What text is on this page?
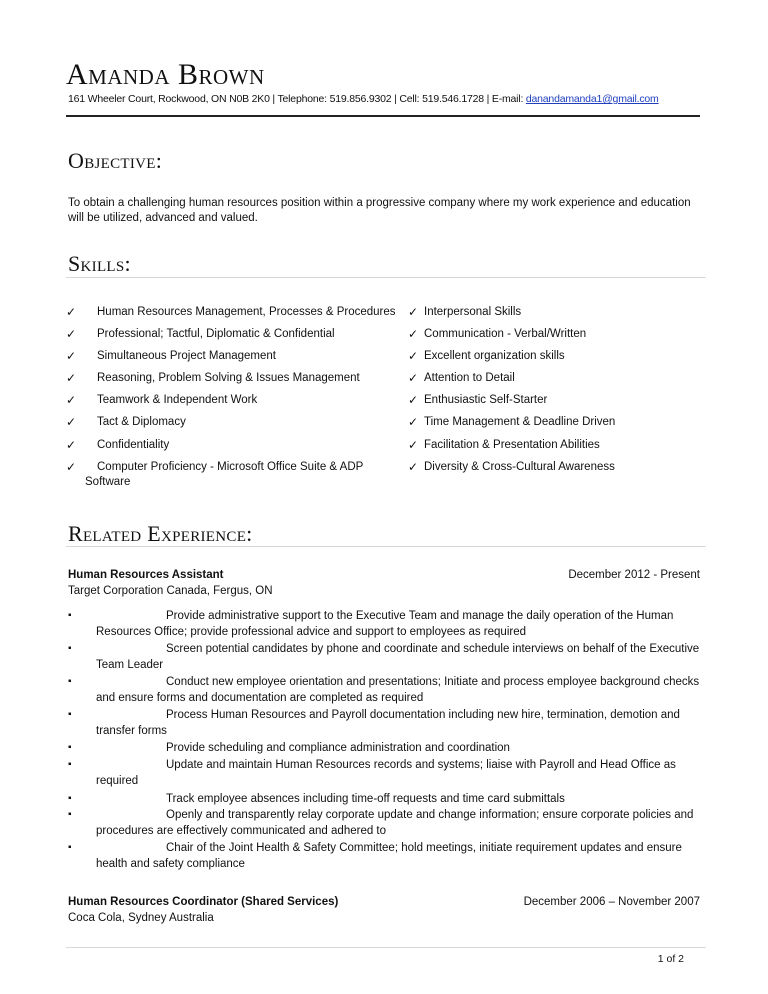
Amanda Brown
161 Wheeler Court, Rockwood, ON N0B 2K0 | Telephone: 519.856.9302 | Cell: 519.546.1728 | E-mail: danandamanda1@gmail.com
Objective:
To obtain a challenging human resources position within a progressive company where my work experience and education will be utilized, advanced and valued.
Skills:
✓ Human Resources Management, Processes & Procedures
✓ Professional; Tactful, Diplomatic & Confidential
✓ Simultaneous Project Management
✓ Reasoning, Problem Solving & Issues Management
✓ Teamwork & Independent Work
✓ Tact & Diplomacy
✓ Confidentiality
✓ Computer Proficiency - Microsoft Office Suite & ADP
Software
✓ Interpersonal Skills
✓ Communication - Verbal/Written
✓ Excellent organization skills
✓ Attention to Detail
✓ Enthusiastic Self-Starter
✓ Time Management & Deadline Driven
✓ Facilitation & Presentation Abilities
✓ Diversity & Cross-Cultural Awareness
Related Experience:
Human Resources Assistant	December 2012 - Present
Target Corporation Canada, Fergus, ON
▪	Provide administrative support to the Executive Team and manage the daily operation of the Human
Resources Office; provide professional advice and support to employees as required
▪	Screen potential candidates by phone and coordinate and schedule interviews on behalf of the Executive
Team Leader
▪	Conduct new employee orientation and presentations; Initiate and process employee background checks
and ensure forms and documentation are completed as required
▪	Process Human Resources and Payroll documentation including new hire, termination, demotion and
transfer forms
▪	Provide scheduling and compliance administration and coordination
▪	Update and maintain Human Resources records and systems; liaise with Payroll and Head Office as
required
▪	Track employee absences including time-off requests and time card submittals
▪	Openly and transparently relay corporate update and change information; ensure corporate policies and
procedures are effectively communicated and adhered to
▪	Chair of the Joint Health & Safety Committee; hold meetings, initiate requirement updates and ensure
health and safety compliance
Human Resources Coordinator (Shared Services)	December 2006 – November 2007
Coca Cola, Sydney Australia
1 of 2
